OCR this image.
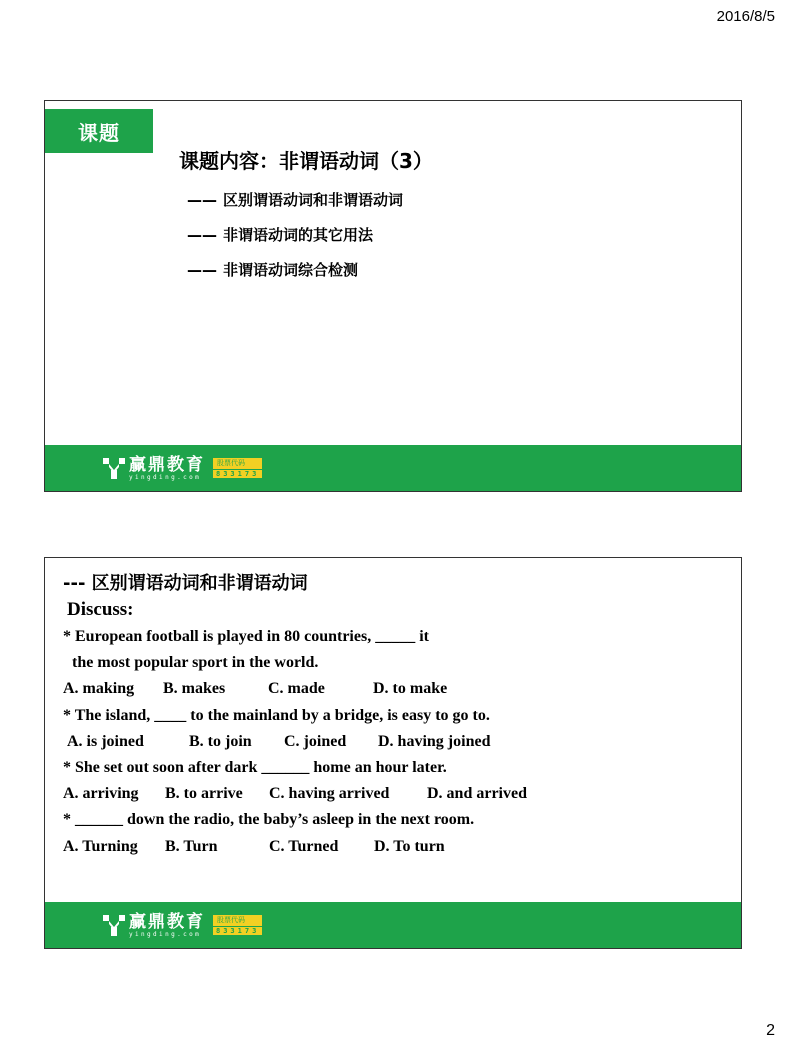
2016/8/5
课题
课题内容：非谓语动词（3）
—— 区别谓语动词和非谓语动词
—— 非谓语动词的其它用法
—— 非谓语动词综合检测
赢鼎教育
yingding.com
股票代码
833173
--- 区别谓语动词和非谓语动词
Discuss:
* European football is played in 80 countries, _____ it
the most popular sport in the world.
A. making	B. makes	C. made	D. to make
* The island, ____ to the mainland by a bridge, is easy to go to.
A. is joined	B. to join	C. joined	D. having joined
* She set out soon after dark ______ home an hour later.
A. arriving	B. to arrive	C. having arrived	D. and arrived
* ______ down the radio, the baby’s asleep in the next room.
A. Turning	B. Turn	C. Turned	D. To turn
赢鼎教育
yingding.com
股票代码
833173
2
